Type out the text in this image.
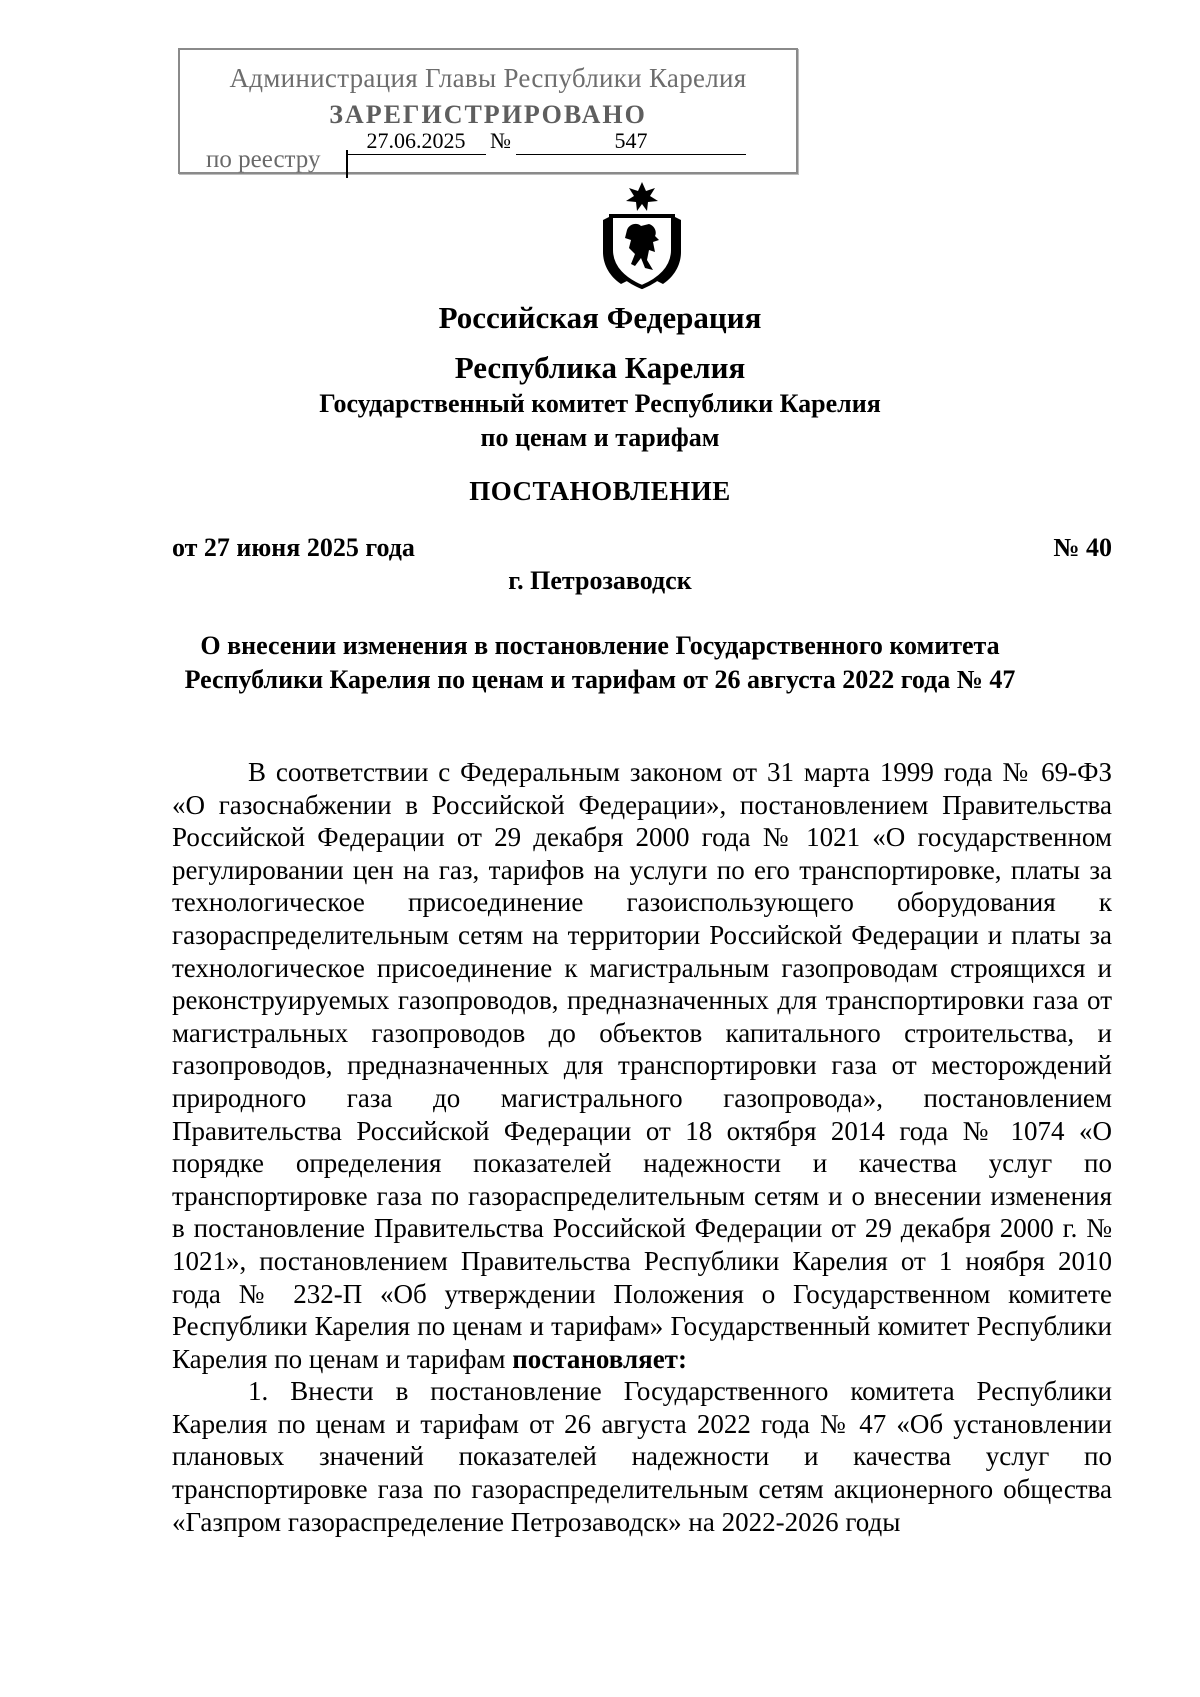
Администрация Главы Республики Карелия
ЗАРЕГИСТРИРОВАНО
по реестру
27.06.2025	№	547
Российская Федерация
Республика Карелия
Государственный комитет Республики Карелия
по ценам и тарифам
ПОСТАНОВЛЕНИЕ
от 27 июня 2025 года	№ 40
г. Петрозаводск
О внесении изменения в постановление Государственного комитета
Республики Карелия по ценам и тарифам от 26 августа 2022 года № 47

В соответствии с Федеральным законом от 31 марта 1999 года № 69-ФЗ «О газоснабжении в Российской Федерации», постановлением Правительства Российской Федерации от 29 декабря 2000 года № 1021 «О государственном регулировании цен на газ, тарифов на услуги по его транспортировке, платы за технологическое присоединение газоиспользующего оборудования к газораспределительным сетям на территории Российской Федерации и платы за технологическое присоединение к магистральным газопроводам строящихся и реконструируемых газопроводов, предназначенных для транспортировки газа от магистральных газопроводов до объектов капитального строительства, и газопроводов, предназначенных для транспортировки газа от месторождений природного газа до магистрального газопровода», постановлением Правительства Российской Федерации от 18 октября 2014 года № 1074 «О порядке определения показателей надежности и качества услуг по транспортировке газа по газораспределительным сетям и о внесении изменения в постановление Правительства Российской Федерации от 29 декабря 2000 г. № 1021», постановлением Правительства Республики Карелия от 1 ноября 2010 года № 232-П «Об утверждении Положения о Государственном комитете Республики Карелия по ценам и тарифам» Государственный комитет Республики Карелия по ценам и тарифам постановляет:

1. Внести в постановление Государственного комитета Республики Карелия по ценам и тарифам от 26 августа 2022 года № 47 «Об установлении плановых значений показателей надежности и качества услуг по транспортировке газа по газораспределительным сетям акционерного общества «Газпром газораспределение Петрозаводск» на 2022-2026 годы
